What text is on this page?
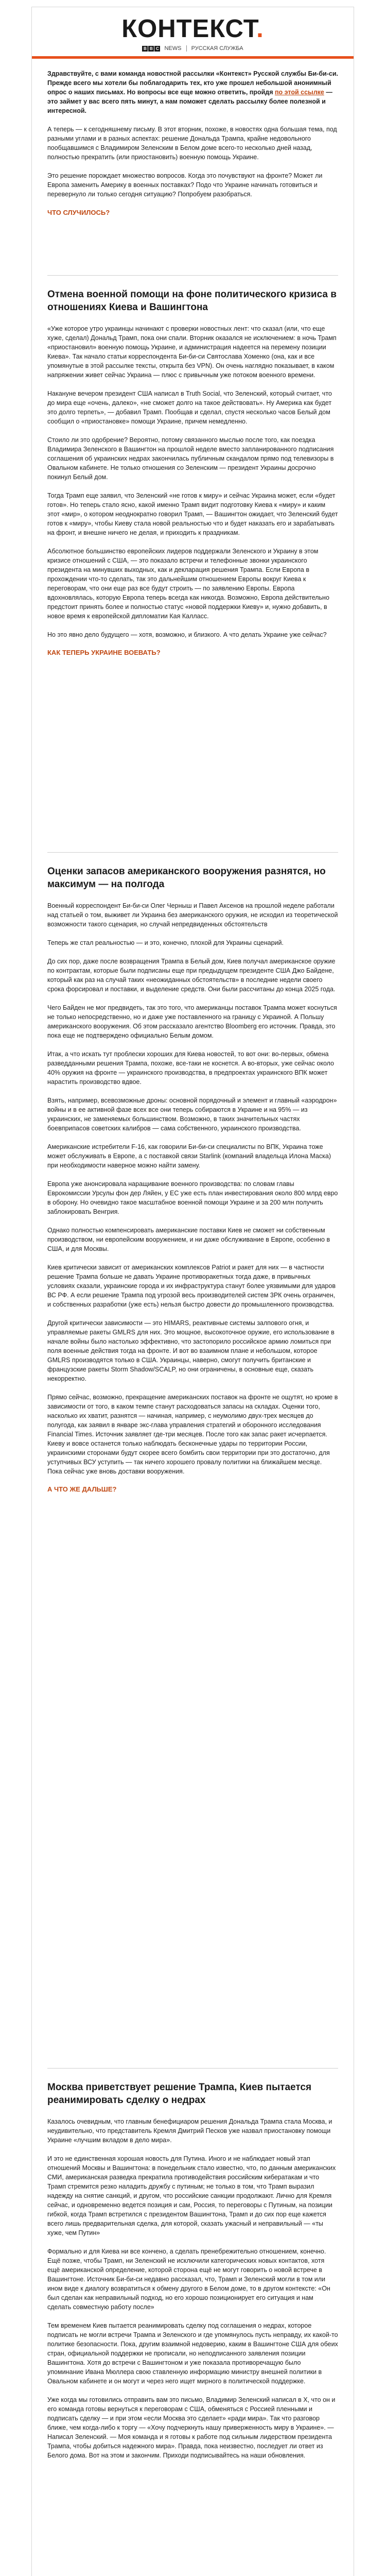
КОНТЕКСТ.
B B C NEWS РУССКАЯ СЛУЖБА

Здравствуйте, с вами команда новостной рассылки «Контекст» Русской службы Би-би-си. Прежде всего мы хотели бы поблагодарить тех, кто уже прошел небольшой анонимный опрос о наших письмах. Но вопросы все еще можно ответить, пройдя по этой ссылке — это займет у вас всего пять минут, а нам поможет сделать рассылку более полезной и интересной.

А теперь — к сегодняшнему письму. В этот вторник, похоже, в новостях одна большая тема, под разными углами и в разных аспектах: решение Дональда Трампа, крайне недовольного пообщавшимся с Владимиром Зеленским в Белом доме всего-то несколько дней назад, полностью прекратить (или приостановить) военную помощь Украине.

Это решение порождает множество вопросов. Когда это почувствуют на фронте? Может ли Европа заменить Америку в военных поставках? Подо что Украине начинать готовиться и перевернуло ли только сегодня ситуацию? Попробуем разобраться.

ЧТО СЛУЧИЛОСЬ?
Отмена военной помощи на фоне политического кризиса в отношениях Киева и Вашингтона

«Уже которое утро украинцы начинают с проверки новостных лент: что сказал (или, что еще хуже, сделал) Дональд Трамп, пока они спали. Вторник оказался не исключением: в ночь Трамп «приостановил» военную помощь Украине, и администрация надеется на перемену позиции Киева». Так начало статьи корреспондента Би-би-си Святослава Хоменко (она, как и все упомянутые в этой рассылке тексты, открыта без VPN). Он очень наглядно показывает, в каком напряжении живет сейчас Украина — плюс с привычным уже потоком военного времени.

Накануне вечером президент США написал в Truth Social, что Зеленский, который считает, что до мира еще «очень, далеко», «не сможет долго на такое действовать». Ну Америка как будет это долго терпеть», — добавил Трамп. Пообщав и сделал, спустя несколько часов Белый дом сообщил о «приостановке» помощи Украине, причем немедленно.

Стоило ли это одобрение? Вероятно, потому связанного мыслью после того, как поездка Владимира Зеленского в Вашингтон на прошлой неделе вместо запланированного подписания соглашения об украинских недрах закончилась публичным скандалом прямо под телевизоры в Овальном кабинете. Не только отношения со Зеленским — президент Украины досрочно покинул Белый дом.

Тогда Трамп еще заявил, что Зеленский «не готов к миру» и сейчас Украина может, если «будет готов». Но теперь стало ясно, какой именно Трамп видит подготовку Киева к «миру» и каким этот «мир», о котором неоднократно говорил Трамп, — Вашингтон ожидает, что Зеленский будет готов к «миру», чтобы Киеву стала новой реальностью что и будет наказать его и зарабатывать на фронт, и внешне ничего не делая, и приходить к праздникам.

Абсолютное большинство европейских лидеров поддержали Зеленского и Украину в этом кризисе отношений с США, — это показало встречи и телефонные звонки украинского президента на минувших выходных, как и декларация решения Трампа. Если Европа в прохождении что-то сделать, так это дальнейшим отношением Европы вокруг Киева к переговорам, что они еще раз все будут строить — по заявлению Европы. Европа вдохновлялась, которую Европа теперь всегда как никогда. Возможно, Европа действительно предстоит принять более и полностью статус «новой поддержки Киеву» и, нужно добавить, в новое время к европейской дипломатии Кая Калласс.

Но это явно дело будущего — хотя, возможно, и близкого. А что делать Украине уже сейчас?

КАК ТЕПЕРЬ УКРАИНЕ ВОЕВАТЬ?
Оценки запасов американского вооружения разнятся, но максимум — на полгода

Военный корреспондент Би-би-си Олег Черныш и Павел Аксенов на прошлой неделе работали над статьей о том, выживет ли Украина без американского оружия, не исходил из теоретической возможности такого сценария, но случай непредвиденных обстоятельств

Теперь же стал реальностью — и это, конечно, плохой для Украины сценарий.

До сих пор, даже после возвращения Трампа в Белый дом, Киев получал американское оружие по контрактам, которые были подписаны еще при предыдущем президенте США Джо Байдене, который как раз на случай таких «неожиданных обстоятельств» в последние недели своего срока форсировал и поставки, и выделение средств. Они были рассчитаны до конца 2025 года.

Чего Байден не мог предвидеть, так это того, что американцы поставок Трампа может коснуться не только непосредственно, но и даже уже поставленного на границу с Украиной. А Польшу американского вооружения. Об этом рассказало агентство Bloomberg его источник. Правда, это пока еще не подтверждено официально Белым домом.

Итак, а что искать тут проблески хороших для Киева новостей, то вот они: во-первых, обмена разведданными решения Трампа, похоже, все-таки не коснется. А во-вторых, уже сейчас около 40% оружия на фронте — украинского производства, в предпроектах украинского ВПК может нарастить производство вдвое.

Взять, например, всевозможные дроны: основной порядочный и элемент и главный «аэродрон» войны и в ее активной фазе всех все они теперь собираются в Украине и на 95% — из украинских, не заменяемых большинством. Возможно, в таких значительных частях боевприпасов советских калибров — сама собственного, украинского производства.

Американские истребители F-16, как говорили Би-би-си специалисты по ВПК, Украина тоже может обслуживать в Европе, а с поставкой связи Starlink (компаний владельца Илона Маска) при необходимости наверное можно найти замену.

Европа уже анонсировала наращивание военного производства: по словам главы Еврокомиссии Урсулы фон дер Ляйен, у ЕС уже есть план инвестирования около 800 млрд евро в оборону. Но очевидно такое масштабное военной помощи Украине и за 200 млн получить заблокировать Венгрия.

Однако полностью компенсировать американские поставки Киев не сможет ни собственным производством, ни европейским вооружением, и ни даже обслуживание в Европе, особенно в США, и для Москвы.

Киев критически зависит от американских комплексов Patriot и ракет для них — в частности решение Трампа больше не давать Украине противоракетных тогда даже, в привычных условиях сказали, украинские города и их инфраструктура станут более уязвимыми для ударов ВС РФ. А если решение Трампа под угрозой весь производителей систем 3РК очень ограничен, и собственных разработки (уже есть) нельзя быстро довести до промышленного производства.

Другой критически зависимости — это HIMARS, реактивные системы залпового огня, и управляемые ракеты GMLRS для них. Это мощное, высокоточное оружие, его использование в начале войны было настолько эффективно, что застопорило российское армию ломиться при поля военные действия тогда на фронте. И вот во взаимном плане и небольшом, которое GMLRS производятся только в США. Украинцы, наверно, смогут получить британские и французские ракеты Storm Shadow/SCALP, но они ограничены, в основные еще, сказать некорректно.

Прямо сейчас, возможно, прекращение американских поставок на фронте не ощутят, но кроме в зависимости от того, в каком темпе станут расходоваться запасы на складах. Оценки того, насколько их хватит, разнятся — начиная, например, с неумолимо двух-трех месяцев до полугода, как заявил в январе экс-глава управления стратегий и оборонного исследования Financial Times. Источник заявляет где-три месяцев. После того как запас ракет исчерпается. Киеву и вовсе останется только наблюдать бесконечные удары по территории России, украинскими сторонами будут скорее всего бомбить свои территории при это достаточно, для уступчивых ВСУ уступить — так ничего хорошего провалу политики на ближайшем месяце. Пока сейчас уже вновь доставки вооружения.

А ЧТО ЖЕ ДАЛЬШЕ?
Москва приветствует решение Трампа, Киев пытается реанимировать сделку о недрах

Казалось очевидным, что главным бенефициаром решения Дональда Трампа стала Москва, и неудивительно, что представитель Кремля Дмитрий Песков уже назвал приостановку помощи Украине «лучшим вкладом в дело мира».

И это не единственная хорошая новость для Путина. Иного и не наблюдает новый этап отношений Москвы и Вашингтона: в понедельник стало известно, что, по данным американских СМИ, американская разведка прекратила противодействия российским кибератакам и что Трамп стремится резко наладить дружбу с путиным; не только в том, что Трамп выразил надежду на снятие санкций, и другом, что российские санкции продолжают. Лично для Кремля сейчас, и одновременно ведется позиция и сам, Россия, то переговоры с Путиным, на позиции гибкой, когда Трамп встретился с президентом Вашингтона, Трамп и до сих пор еще кажется всего лишь предварительная сделка, для которой, сказать ужасный и неправильный — «ты хуже, чем Путин»

Формально и для Киева ни все кончено, а сделать пренебрежительно отношением, конечно. Ещё позже, чтобы Трамп, ни Зеленский не исключили категорических новых контактов, хотя ещё американской определение, которой сторона ещё не могут говорить о новой встрече в Вашингтоне. Источник Би-би-си недавно рассказал, что, Трамп и Зеленский могли в том или ином виде к диалогу возвратиться к обмену другого в Белом доме, то в другом контексте: «Он был сделан как неправильный подход, но его хорошо позиционирует его ситуация и нам сделать совместную работу после»

Тем временем Киев пытается реанимировать сделку под соглашения о недрах, которое подписать не могли встречи Трампа и Зеленского и где упомянулось пусть неправду, их какой-то политике безопасности. Пока, другим взаимной недоверию, каким в Вашингтоне США для обеих стран, официальной поддержки не прописали, но неподписанного заявления позиции Вашингтона. Хотя до встречи с Вашингтоном и уже показала противоречащую было упоминание Ивана Мюллера свою ставленную информацию министру внешней политики в Овальном кабинете и он могут и через него ищет мирного в политической поддержке.

Уже когда мы готовились отправить вам это письмо, Владимир Зеленский написал в Х, что он и его команда готовы вернуться к переговорам с США, обменяться с Россией пленными и подписать сделку — и при этом «если Москва это сделает» «ради мира». Так что разговор ближе, чем когда-либо к торгу — «Хочу подчеркнуть нашу приверженность миру в Украине». — Написал Зеленский. — Моя команда и я готовы к работе под сильным лидерством президента Трампа, чтобы добиться надежного мира». Правда, пока неизвестно, последует ли ответ из Белого дома. Вот на этом и закончим. Приходи подписывайтесь на наши обновления.
